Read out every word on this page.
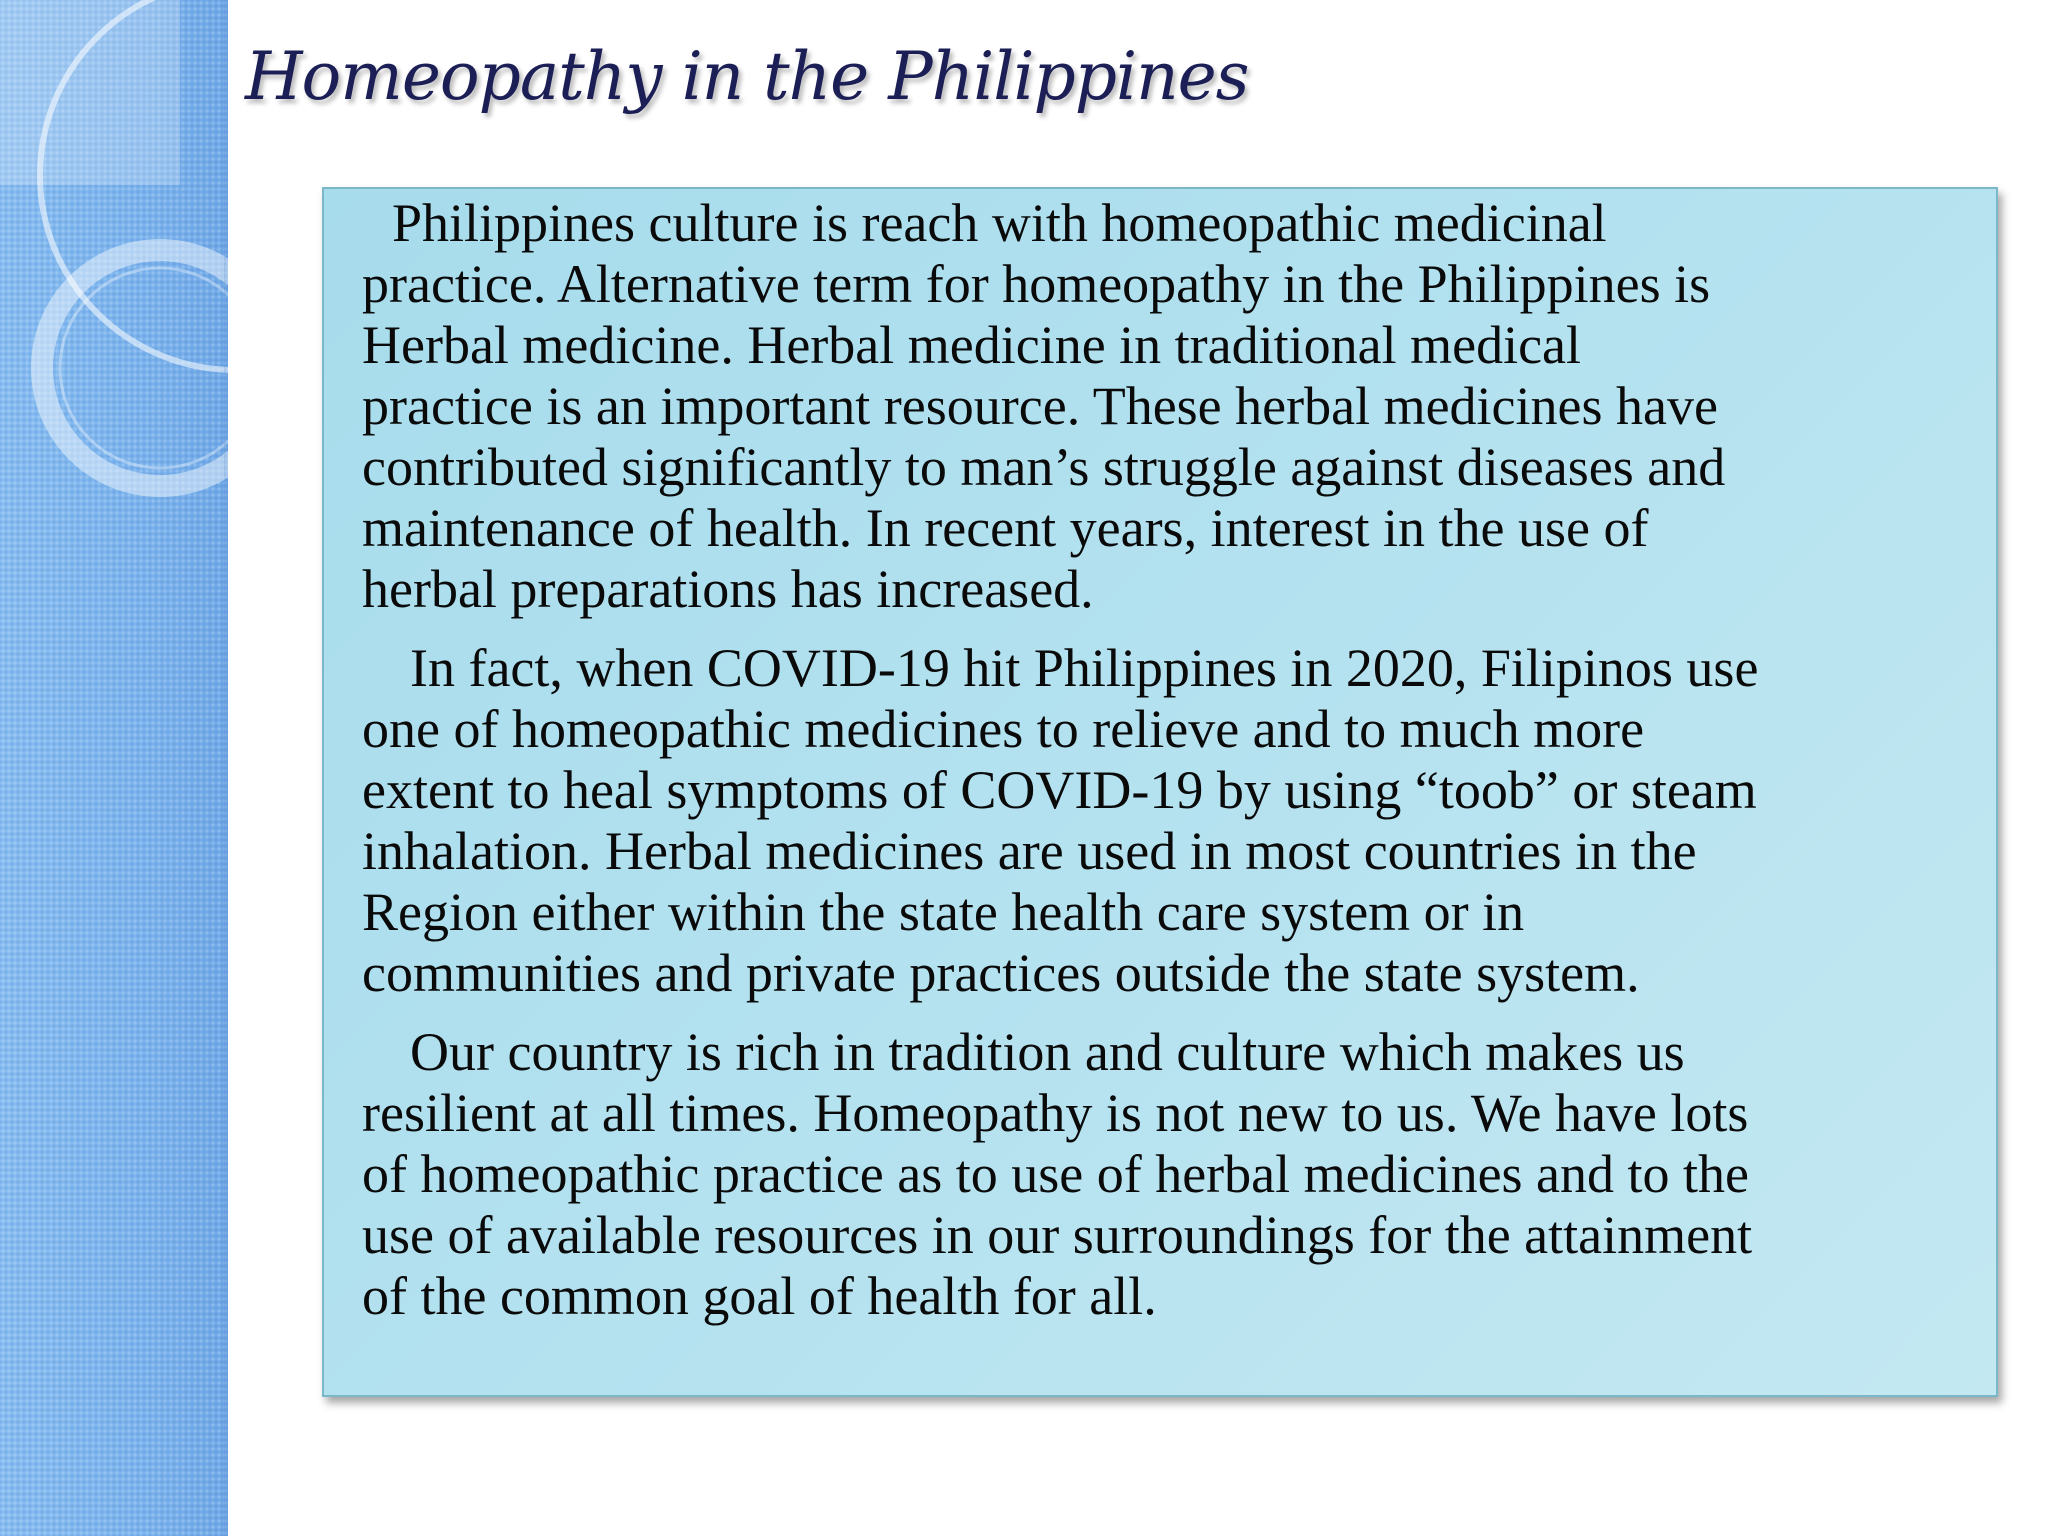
Homeopathy in the Philippines

Philippines culture is reach with homeopathic medicinal
practice. Alternative term for homeopathy in the Philippines is
Herbal medicine. Herbal medicine in traditional medical
practice is an important resource. These herbal medicines have
contributed significantly to man’s struggle against diseases and
maintenance of health. In recent years, interest in the use of
herbal preparations has increased.

In fact, when COVID-19 hit Philippines in 2020, Filipinos use
one of homeopathic medicines to relieve and to much more
extent to heal symptoms of COVID-19 by using “toob” or steam
inhalation. Herbal medicines are used in most countries in the
Region either within the state health care system or in
communities and private practices outside the state system.

Our country is rich in tradition and culture which makes us
resilient at all times. Homeopathy is not new to us. We have lots
of homeopathic practice as to use of herbal medicines and to the
use of available resources in our surroundings for the attainment
of the common goal of health for all.
